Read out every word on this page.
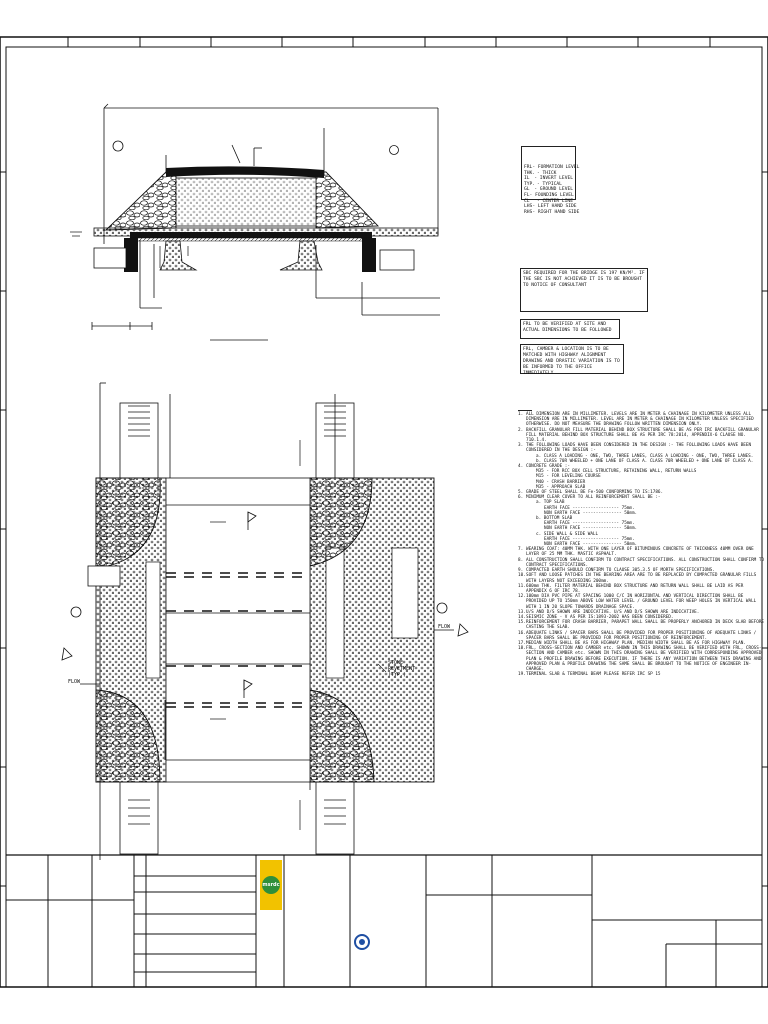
msrdc
FLOW
FLOW
STONE REVETMENT (TYP.)
FRL - FORMATION LEVEL
THK. - THICK
IL	- INVERT LEVEL
TYP. - TYPICAL
GL	- GROUND LEVEL
FL - FOUNDING LEVEL
CL	- CENTER LINE
LHS - LEFT HAND SIDE
RHS - RIGHT HAND SIDE
SBC REQUIRED FOR THE BRIDGE IS 197 KN/M². IF THE SBC IS NOT ACHIEVED IT IS TO BE BROUGHT TO NOTICE OF CONSULTANT
FRL TO BE VERIFIED AT SITE AND ACTUAL DIMENSIONS TO BE FOLLOWED
FRL, CAMBER & LOCATION IS TO BE MATCHED WITH HIGHWAY ALIGNMENT DRAWING AND DRASTIC VARIATION IS TO BE INFORMED TO THE OFFICE IMMEDIATELY
1. ALL DIMENSION ARE IN MILLIMETER. LEVELS ARE IN METER & CHAINAGE IN KILOMETER UNLESS ALL DIMENSION ARE IN MILLIMETER. LEVEL ARE IN METER & CHAINAGE IN KILOMETER UNLESS SPECIFIED OTHERWISE. DO NOT MEASURE THE DRAWING FOLLOW WRITTEN DIMENSION ONLY.
2. BACKFILL GRANULAR FILL MATERIAL BEHIND BOX STRUCTURE SHALL BE AS PER IRC BACKFILL GRANULAR FILL MATERIAL BEHIND BOX STRUCTURE SHALL BE AS PER IRC 78:2014, APPENDIX-6 CLAUSE NO. 710.1.4.
3. THE FOLLOWING LOADS HAVE BEEN CONSIDERED IN THE DESIGN :- THE FOLLOWING LOADS HAVE BEEN CONSIDERED IN THE DESIGN :-
a. CLASS A LOADING - ONE, TWO, THREE LANES, CLASS A LOADING - ONE, TWO, THREE LANES.
b. CLASS 70R WHEELED + ONE LANE OF CLASS A. CLASS 70R WHEELED + ONE LANE OF CLASS A.
4. CONCRETE GRADE :-
M35 - FOR RCC BOX CELL STRUCTURE, RETAINING WALL, RETURN WALLS
M15 - FOR LEVELING COURSE
M40 - CRASH BARRIER
M35 - APPROACH SLAB
5. GRADE OF STEEL SHALL BE Fe-500 CONFORMING TO IS:1786.
6. MINIMUM CLEAR COVER TO ALL REINFORCEMENT SHALL BE :-
a. TOP SLAB
EARTH FACE ------------------ 75mm.
NON EARTH FACE --------------- 50mm.
b. BOTTOM SLAB
EARTH FACE ------------------ 75mm.
NON EARTH FACE --------------- 50mm.
c. SIDE WALL & SIDE WALL
EARTH FACE ------------------ 75mm.
NON EARTH FACE --------------- 50mm.
7. WEARING COAT: 40MM THK. WITH ONE LAYER OF BITUMINOUS CONCRETE OF THICKNESS 40MM OVER ONE LAYER OF 25 MM THK. MASTIC ASPHALT.
8. ALL CONSTRUCTION SHALL CONFIRM TO CONTRACT SPECIFICATIONS. ALL CONSTRUCTION SHALL CONFIRM TO CONTRACT SPECIFICATIONS.
9. COMPACTED EARTH SHOULD CONFIRM TO CLAUSE 305.3.5 OF MORTH SPECIFICATIONS.
10. SOFT AND LOOSE PATCHES IN THE BEARING AREA ARE TO BE REPLACED BY COMPACTED GRANULAR FILLS WITH LAYERS NOT EXCEEDING 200mm.
11. 600mm THK. FILTER MATERIAL BEHIND BOX STRUCTURE AND RETURN WALL SHALL BE LAID AS PER APPENDIX 6 OF IRC 78.
12. 100mm DIA PVC PIPE AT SPACING 1000 C/C IN HORIZONTAL AND VERTICAL DIRECTION SHALL BE PROVIDED UP TO 150mm ABOVE LOW WATER LEVEL / GROUND LEVEL FOR WEEP HOLES IN VERTICAL WALL WITH 1 IN 20 SLOPE TOWARDS DRAINAGE SPACE.
13. U/S AND D/S SHOWN ARE INDICATIVE. U/S AND D/S SHOWN ARE INDICATIVE.
14. SEISMIC ZONE - V AS PER IS:1893-2002 HAS BEEN CONSIDERED.
15. REINFORCEMENT FOR CRASH BARRIER, PARAPET WALL SHALL BE PROPERLY ANCHORED IN DECK SLAB BEFORE CASTING THE SLAB.
16. ADEQUATE LINKS / SPACER BARS SHALL BE PROVIDED FOR PROPER POSITIONING OF ADEQUATE LINKS / SPACER BARS SHALL BE PROVIDED FOR PROPER POSITIONING OF REINFORCEMENT.
17. MEDIAN WIDTH SHALL BE AS FOR HIGHWAY PLAN. MEDIAN WIDTH SHALL BE AS FOR HIGHWAY PLAN.
18. FRL, CROSS-SECTION AND CAMBER etc. SHOWN IN THIS DRAWING SHALL BE VERIFIED WITH FRL, CROSS-SECTION AND CAMBER etc. SHOWN IN THIS DRAWING SHALL BE VERIFIED WITH CORRESPONDING APPROVED PLAN & PROFILE DRAWING BEFORE EXECUTION. IF THERE IS ANY VARIATION BETWEEN THIS DRAWING AND APPROVED PLAN & PROFILE DRAWING THE SAME SHALL BE BROUGHT TO THE NOTICE OF ENGINEER IN-CHARGE.
19. TERMINAL SLAB & TERMINAL BEAM PLEASE REFER IRC SP 15
